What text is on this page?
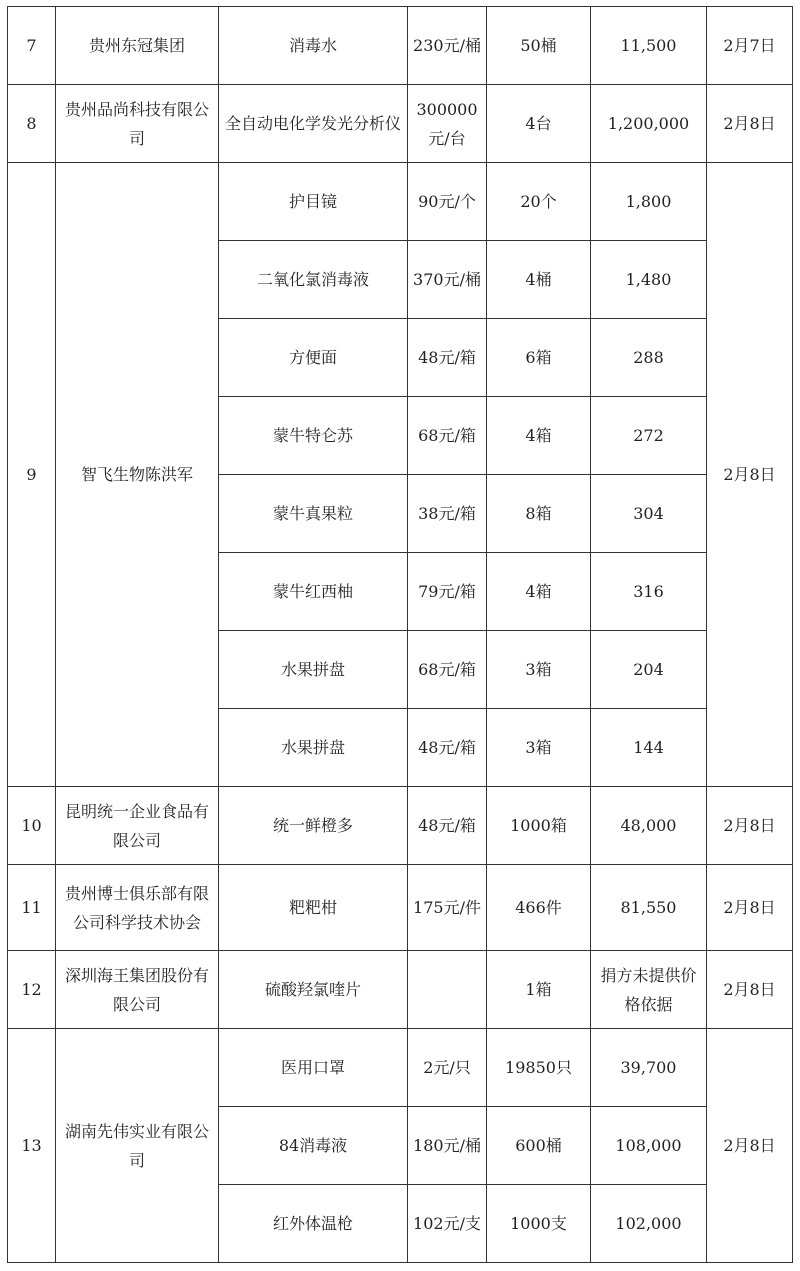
7	贵州东冠集团	消毒水	230元/桶	50桶	11,500	2月7日
8	贵州品尚科技有限公司	全自动电化学发光分析仪	300000元/台	4台	1,200,000	2月8日
9	智飞生物陈洪军	护目镜	90元/个	20个	1,800	2月8日
		二氧化氯消毒液	370元/桶	4桶	1,480	
		方便面	48元/箱	6箱	288	
		蒙牛特仑苏	68元/箱	4箱	272	
		蒙牛真果粒	38元/箱	8箱	304	
		蒙牛红西柚	79元/箱	4箱	316	
		水果拼盘	68元/箱	3箱	204	
		水果拼盘	48元/箱	3箱	144	
10	昆明统一企业食品有限公司	统一鲜橙多	48元/箱	1000箱	48,000	2月8日
11	贵州博士俱乐部有限公司科学技术协会	粑粑柑	175元/件	466件	81,550	2月8日
12	深圳海王集团股份有限公司	硫酸羟氯喹片		1箱	捐方未提供价格依据	2月8日
13	湖南先伟实业有限公司	医用口罩	2元/只	19850只	39,700	2月8日
		84消毒液	180元/桶	600桶	108,000	
		红外体温枪	102元/支	1000支	102,000	
